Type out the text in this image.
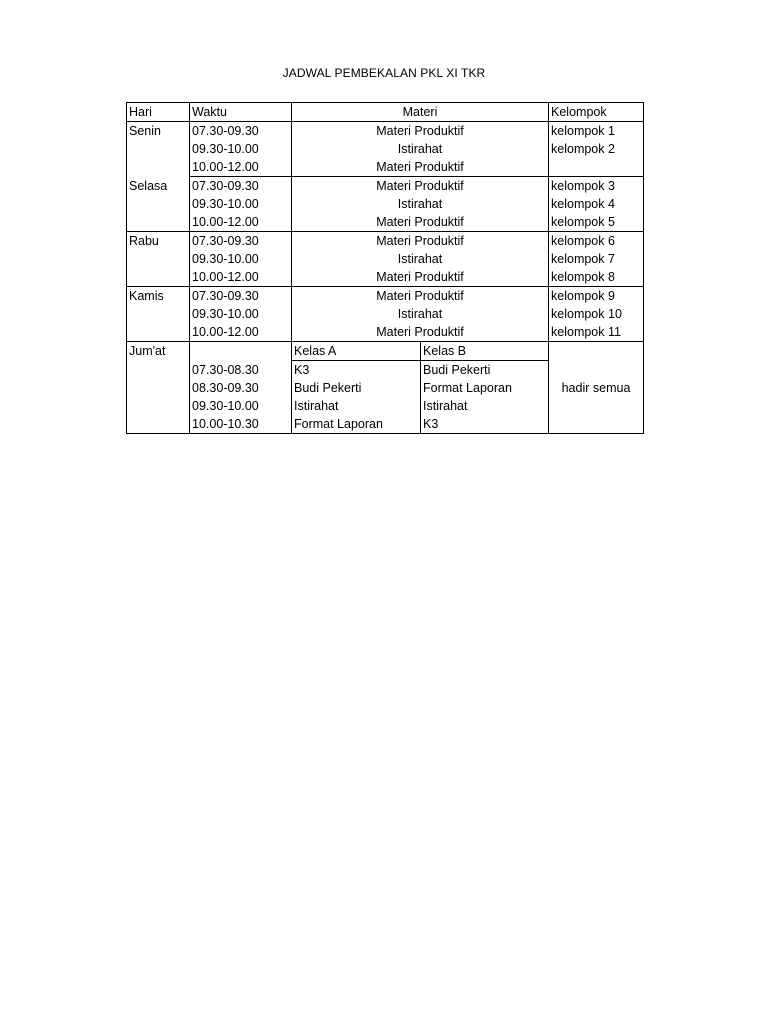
JADWAL PEMBEKALAN PKL XI TKR
Hari	Waktu	Materi		Kelompok
Senin	07.30-09.30	Materi Produktif		kelompok 1
	09.30-10.00	Istirahat		kelompok 2
	10.00-12.00	Materi Produktif		
Selasa	07.30-09.30	Materi Produktif		kelompok 3
	09.30-10.00	Istirahat		kelompok 4
	10.00-12.00	Materi Produktif		kelompok 5
Rabu	07.30-09.30	Materi Produktif		kelompok 6
	09.30-10.00	Istirahat		kelompok 7
	10.00-12.00	Materi Produktif		kelompok 8
Kamis	07.30-09.30	Materi Produktif		kelompok 9
	09.30-10.00	Istirahat		kelompok 10
	10.00-12.00	Materi Produktif		kelompok 11
Jum'at		Kelas A	Kelas B	hadir semua
	07.30-08.30	K3	Budi Pekerti	
	08.30-09.30	Budi Pekerti	Format Laporan	
	09.30-10.00	Istirahat	Istirahat	
	10.00-10.30	Format Laporan	K3	
